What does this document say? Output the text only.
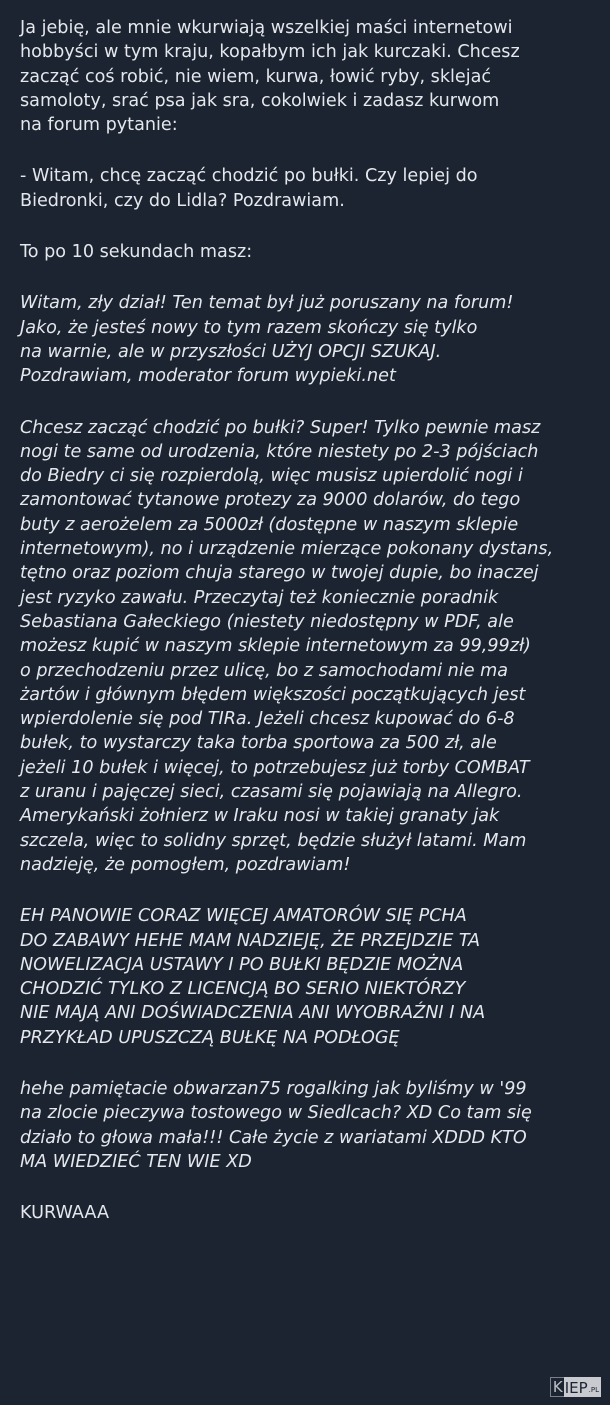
Ja jebię, ale mnie wkurwiają wszelkiej maści internetowi
hobbyści w tym kraju, kopałbym ich jak kurczaki. Chcesz
zacząć coś robić, nie wiem, kurwa, łowić ryby, sklejać
samoloty, srać psa jak sra, cokolwiek i zadasz kurwom
na forum pytanie:

- Witam, chcę zacząć chodzić po bułki. Czy lepiej do
Biedronki, czy do Lidla? Pozdrawiam.

To po 10 sekundach masz:

Witam, zły dział! Ten temat był już poruszany na forum!
Jako, że jesteś nowy to tym razem skończy się tylko
na warnie, ale w przyszłości UŻYJ OPCJI SZUKAJ.
Pozdrawiam, moderator forum wypieki.net

Chcesz zacząć chodzić po bułki? Super! Tylko pewnie masz
nogi te same od urodzenia, które niestety po 2-3 pójściach
do Biedry ci się rozpierdolą, więc musisz upierdolić nogi i
zamontować tytanowe protezy za 9000 dolarów, do tego
buty z aerożelem za 5000zł (dostępne w naszym sklepie
internetowym), no i urządzenie mierzące pokonany dystans,
tętno oraz poziom chuja starego w twojej dupie, bo inaczej
jest ryzyko zawału. Przeczytaj też koniecznie poradnik
Sebastiana Gałeckiego (niestety niedostępny w PDF, ale
możesz kupić w naszym sklepie internetowym za 99,99zł)
o przechodzeniu przez ulicę, bo z samochodami nie ma
żartów i głównym błędem większości początkujących jest
wpierdolenie się pod TIRa. Jeżeli chcesz kupować do 6-8
bułek, to wystarczy taka torba sportowa za 500 zł, ale
jeżeli 10 bułek i więcej, to potrzebujesz już torby COMBAT
z uranu i pajęczej sieci, czasami się pojawiają na Allegro.
Amerykański żołnierz w Iraku nosi w takiej granaty jak
szczela, więc to solidny sprzęt, będzie służył latami. Mam
nadzieję, że pomogłem, pozdrawiam!

EH PANOWIE CORAZ WIĘCEJ AMATORÓW SIĘ PCHA
DO ZABAWY HEHE MAM NADZIEJĘ, ŻE PRZEJDZIE TA
NOWELIZACJA USTAWY I PO BUŁKI BĘDZIE MOŻNA
CHODZIĆ TYLKO Z LICENCJĄ BO SERIO NIEKTÓRZY
NIE MAJĄ ANI DOŚWIADCZENIA ANI WYOBRAŹNI I NA
PRZYKŁAD UPUSZCZĄ BUŁKĘ NA PODŁOGĘ

hehe pamiętacie obwarzan75 rogalking jak byliśmy w '99
na zlocie pieczywa tostowego w Siedlcach? XD Co tam się
działo to głowa mała!!! Całe życie z wariatami XDDD KTO
MA WIEDZIEĆ TEN WIE XD

KURWAAA

K IEP .PL
